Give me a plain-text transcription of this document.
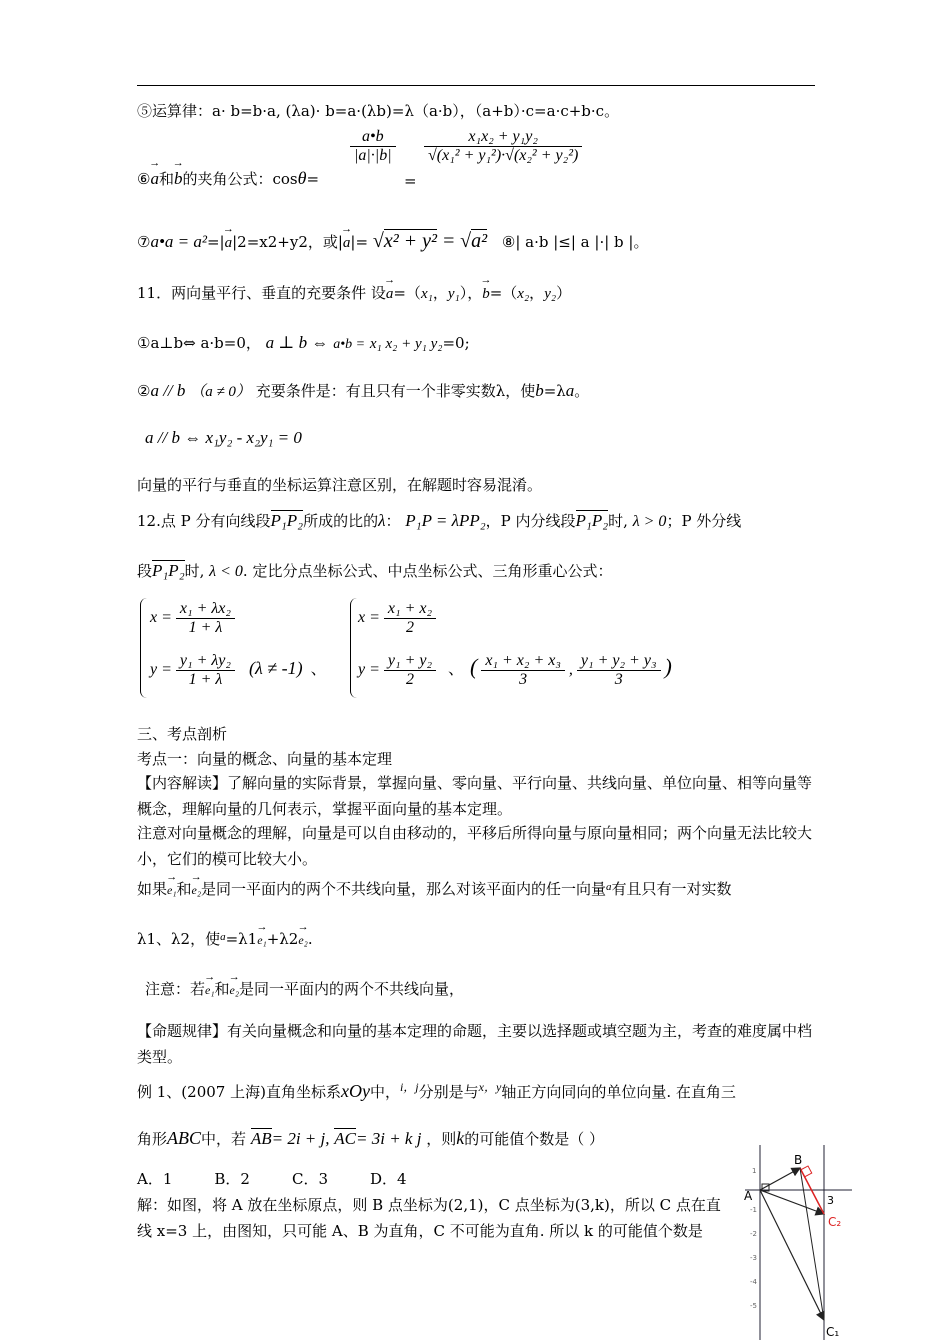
⑤运算律：a· b=b·a, (λa)· b=a·(λb)=λ（a·b），（a+b）·c=a·c+b·c。
⑥→ a和→ b的夹角公式：cosθ=
$\frac{a•b}{|a|\cdot|b|}$
=
$\frac{\text{x₁x₂ + y₁y₂}}{\text{√(x₁² + y₁²)·√(x₂² + y₂²)}}$
⑦a•a = a²=|→ a|2=x2+y2，或|→ a|= √x² + y² = √a² ⑧| a·b |≤| a |·| b |。
11．两向量平行、垂直的充要条件 设→ a=（x₁，y₁），→ b=（x₂，y₂）
①a⊥b⇔ a·b=0， a ⊥ b ⇔ a•b = x₁ x₂ + y₁ y₂=0;
②a // b （a ≠ 0） 充要条件是：有且只有一个非零实数λ，使b=λa。
a // b ⇔ x₁y₂ - x₂y₁ = 0
向量的平行与垂直的坐标运算注意区别，在解题时容易混淆。
12.点 P 分有向线段P₁P₂所成的比的λ： P₁P = λPP₂，P 内分线段P₁P₂时, λ > 0；P 外分线
段P₁P₂时, λ < 0. 定比分点坐标公式、中点坐标公式、三角形重心公式：
$x = \frac{\text{x₁ + λx₂}}{1 + \lambda}$
$y = \frac{\text{y₁ + λy₂}}{1 + \lambda} (\lambda \ne -1)$ 、
$x = \frac{\text{x₁ + x₂}}{2}$
$y = \frac{\text{y₁ + y₂}}{2}$ 、 ( $\frac{\text{x₁ + x₂ + x₃}}{3}$ , $\frac{\text{y₁ + y₂ + y₃}}{3}$ )
三、考点剖析
考点一：向量的概念、向量的基本定理
【内容解读】了解向量的实际背景，掌握向量、零向量、平行向量、共线向量、单位向量、相等向量等概念，理解向量的几何表示，掌握平面向量的基本定理。
注意对向量概念的理解，向量是可以自由移动的，平移后所得向量与原向量相同；两个向量无法比较大小，它们的模可比较大小。
如果→ e₁和→ e₂是同一平面内的两个不共线向量，那么对该平面内的任一向量$^a$有且只有一对实数
λ1、λ2，使$^a$=λ1→ e₁+λ2→ e₂.
注意：若→ e₁和→ e₂是同一平面内的两个不共线向量，
【命题规律】有关向量概念和向量的基本定理的命题，主要以选择题或填空题为主，考查的难度属中档类型。
例 1、(2007 上海)直角坐标系xOy中，$^{i,j}$分别是与$^{x,y}$轴正方向同向的单位向量. 在直角三
角形ABC中，若 AB= 2i + j, AC= 3i + k j ，则k的可能值个数是（ ）
A．1	B．2	C．3	D．4
解：如图，将 A 放在坐标原点，则 B 点坐标为(2,1)，C 点坐标为(3,k)，所以 C 点在直
线 x=3 上，由图知，只可能 A、B 为直角，C 不可能为直角. 所以 k 的可能值个数是
1
-1
-2
-3
-4
-5
A
B
3
C₂
C₁
